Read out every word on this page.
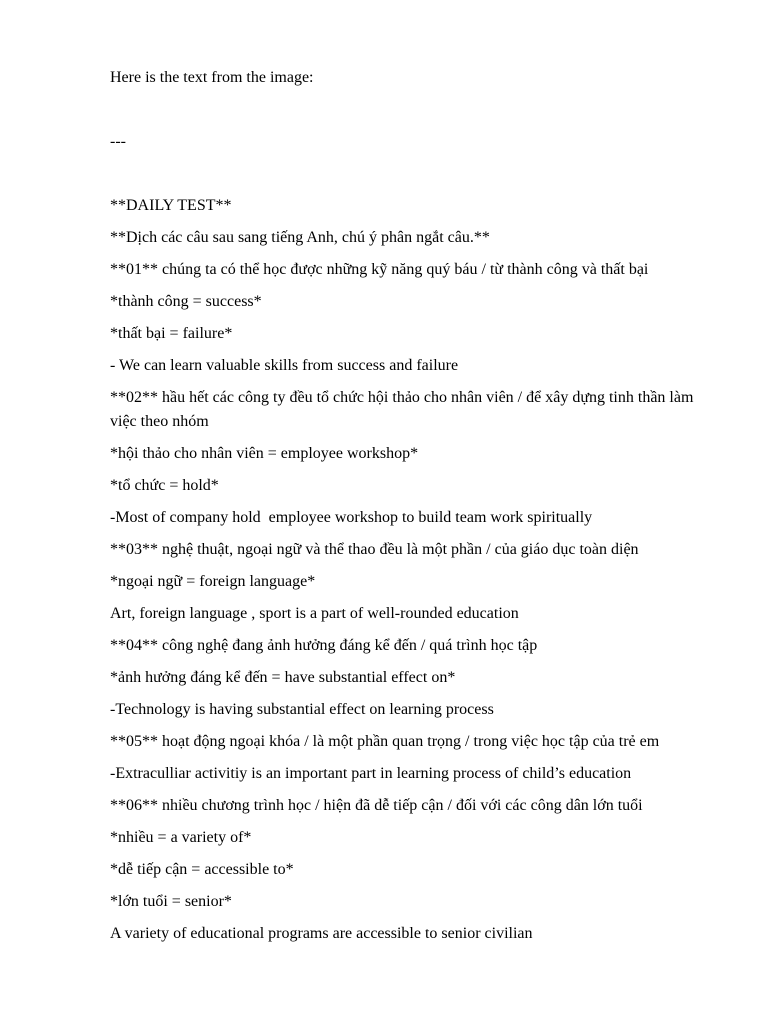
Here is the text from the image:

---

**DAILY TEST**

**Dịch các câu sau sang tiếng Anh, chú ý phân ngắt câu.**

**01** chúng ta có thể học được những kỹ năng quý báu / từ thành công và thất bại

*thành công = success*

*thất bại = failure*

- We can learn valuable skills from success and failure

**02** hầu hết các công ty đều tổ chức hội thảo cho nhân viên / để xây dựng tinh thần làm việc theo nhóm

*hội thảo cho nhân viên = employee workshop*

*tổ chức = hold*

-Most of company hold  employee workshop to build team work spiritually

**03** nghệ thuật, ngoại ngữ và thể thao đều là một phần / của giáo dục toàn diện

*ngoại ngữ = foreign language*

Art, foreign language , sport is a part of well-rounded education

**04** công nghệ đang ảnh hưởng đáng kể đến / quá trình học tập

*ảnh hưởng đáng kể đến = have substantial effect on*

-Technology is having substantial effect on learning process

**05** hoạt động ngoại khóa / là một phần quan trọng / trong việc học tập của trẻ em

-Extraculliar activitiy is an important part in learning process of child’s education

**06** nhiều chương trình học / hiện đã dễ tiếp cận / đối với các công dân lớn tuổi

*nhiều = a variety of*

*dễ tiếp cận = accessible to*

*lớn tuổi = senior*

A variety of educational programs are accessible to senior civilian
